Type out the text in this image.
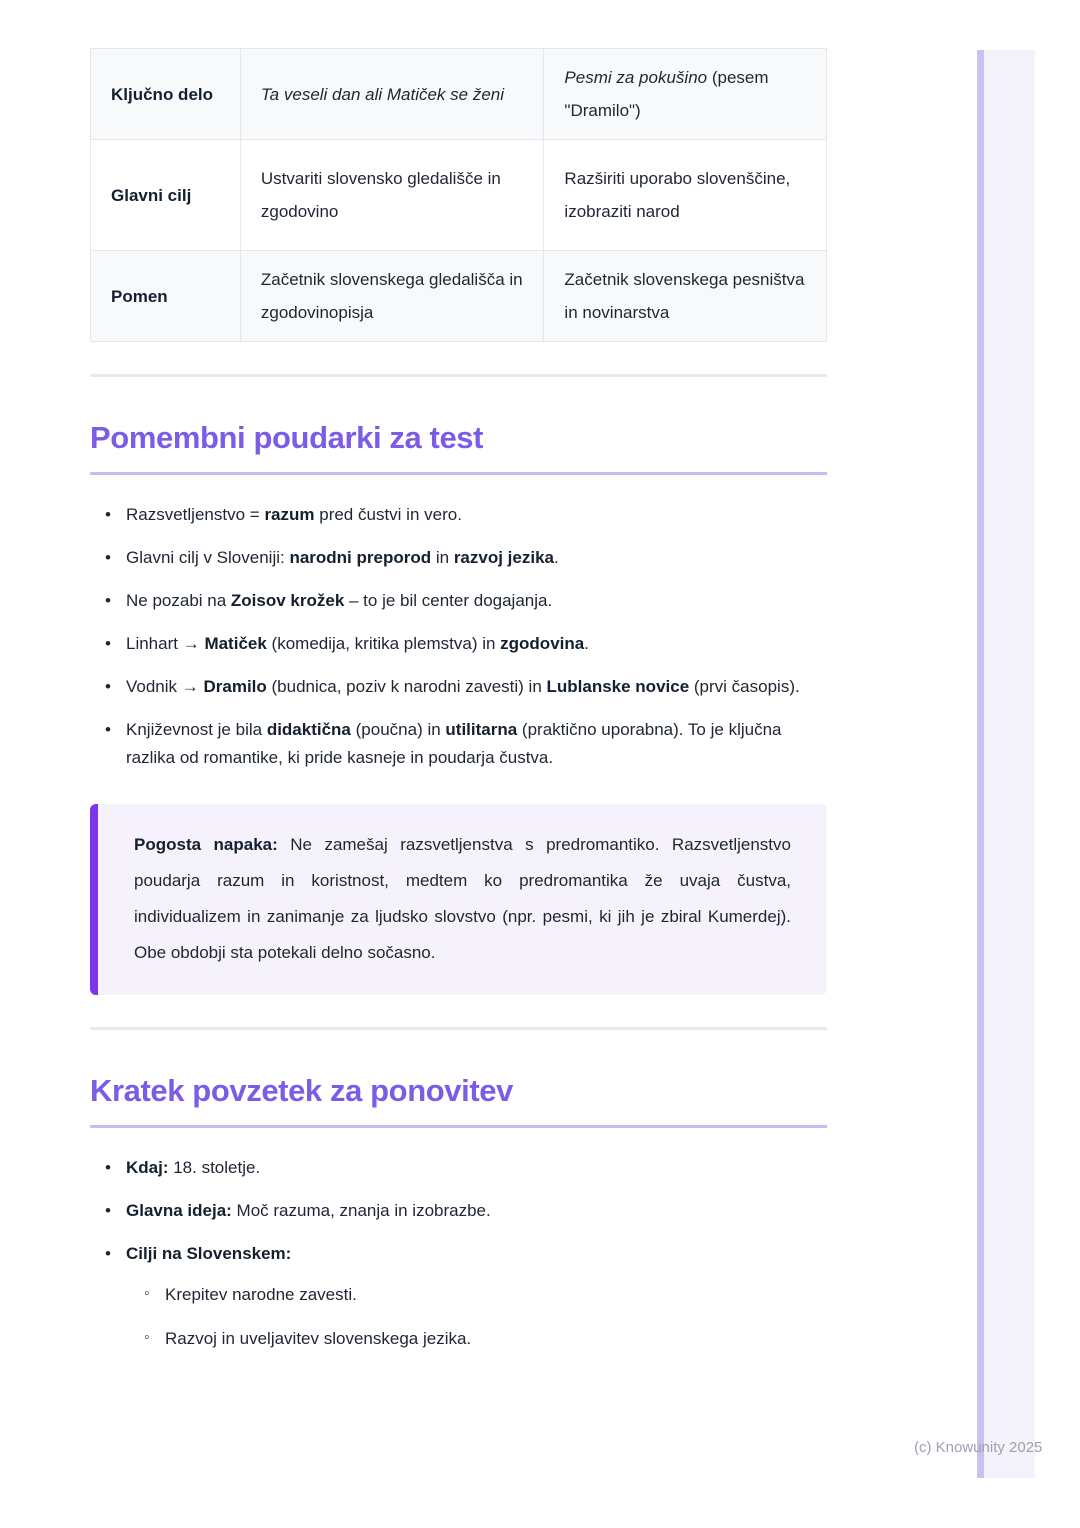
Ključno delo	Ta veseli dan ali Matiček se ženi	Pesmi za pokušino (pesem "Dramilo")
Glavni cilj	Ustvariti slovensko gledališče in zgodovino	Razširiti uporabo slovenščine, izobraziti narod
Pomen	Začetnik slovenskega gledališča in zgodovinopisja	Začetnik slovenskega pesništva in novinarstva
Pomembni poudarki za test
• Razsvetljenstvo = razum pred čustvi in vero.
• Glavni cilj v Sloveniji: narodni preporod in razvoj jezika.
• Ne pozabi na Zoisov krožek – to je bil center dogajanja.
• Linhart → Matiček (komedija, kritika plemstva) in zgodovina.
• Vodnik → Dramilo (budnica, poziv k narodni zavesti) in Lublanske novice (prvi časopis).
• Književnost je bila didaktična (poučna) in utilitarna (praktično uporabna). To je ključna razlika od romantike, ki pride kasneje in poudarja čustva.
Pogosta napaka: Ne zamešaj razsvetljenstva s predromantiko. Razsvetljenstvo poudarja razum in koristnost, medtem ko predromantika že uvaja čustva, individualizem in zanimanje za ljudsko slovstvo (npr. pesmi, ki jih je zbiral Kumerdej). Obe obdobji sta potekali delno sočasno.
Kratek povzetek za ponovitev
• Kdaj: 18. stoletje.
• Glavna ideja: Moč razuma, znanja in izobrazbe.
• Cilji na Slovenskem:
◦ Krepitev narodne zavesti.
◦ Razvoj in uveljavitev slovenskega jezika.
(c) Knowunity 2025
